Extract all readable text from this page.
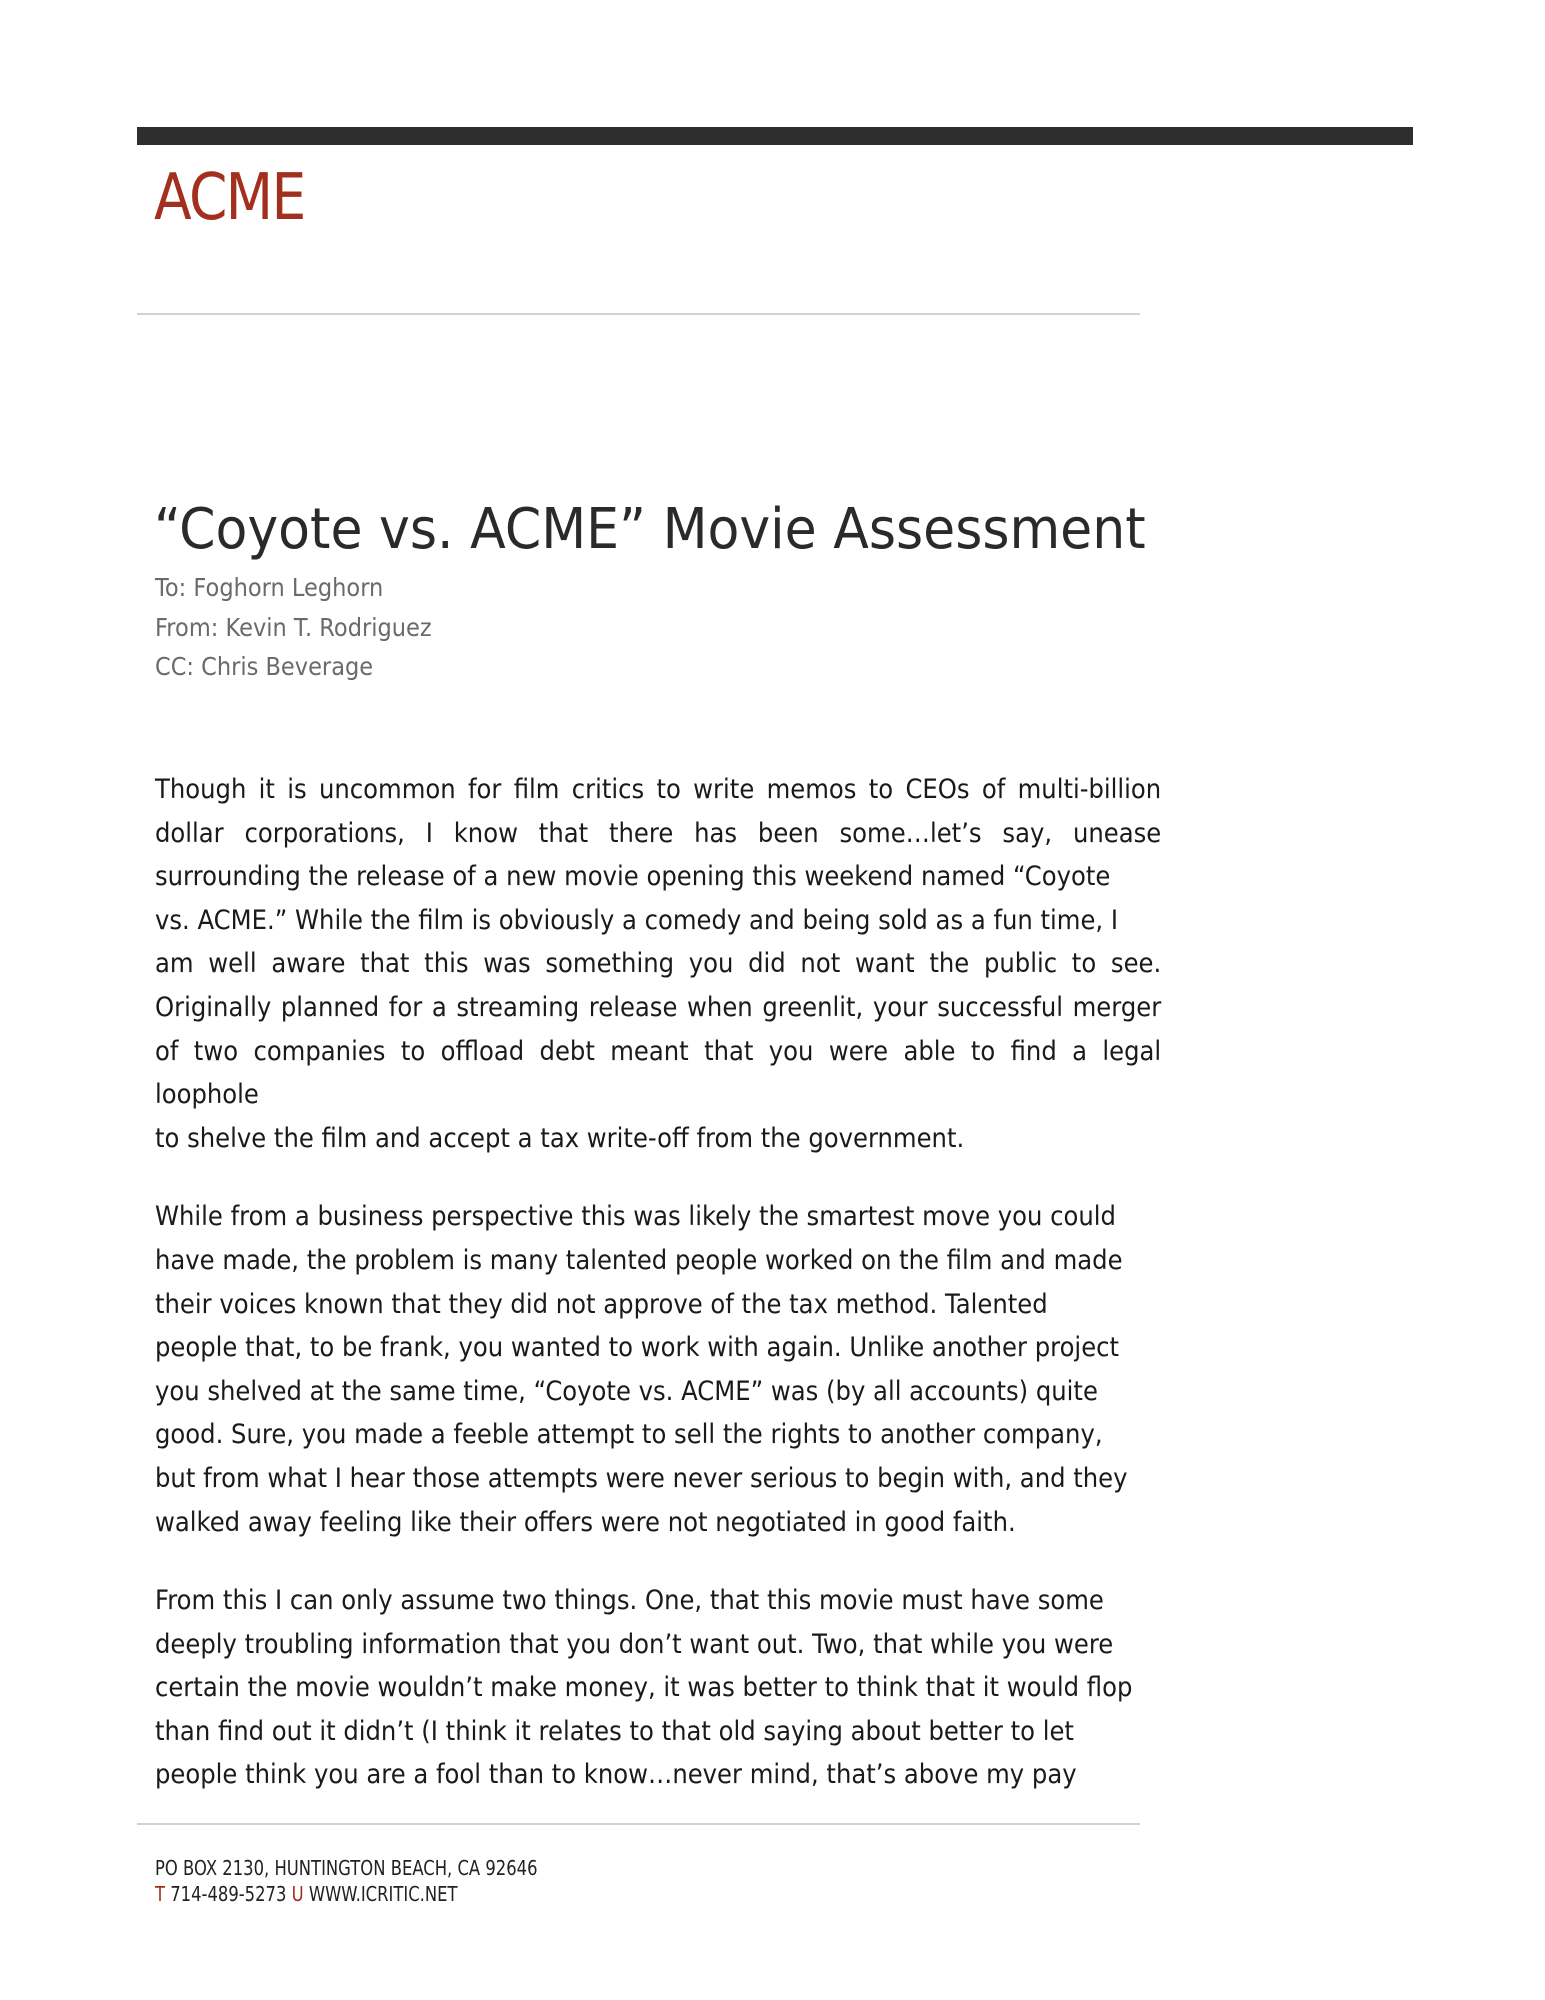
ACME
“Coyote vs. ACME” Movie Assessment
To: Foghorn Leghorn
From: Kevin T. Rodriguez
CC: Chris Beverage
Though it is uncommon for film critics to write memos to CEOs of multi-billion
dollar corporations, I know that there has been some…let’s say, unease
surrounding the release of a new movie opening this weekend named “Coyote
vs. ACME.” While the film is obviously a comedy and being sold as a fun time, I
am well aware that this was something you did not want the public to see.
Originally planned for a streaming release when greenlit, your successful merger
of two companies to offload debt meant that you were able to find a legal loophole
to shelve the film and accept a tax write-off from the government.
While from a business perspective this was likely the smartest move you could
have made, the problem is many talented people worked on the film and made
their voices known that they did not approve of the tax method. Talented
people that, to be frank, you wanted to work with again. Unlike another project
you shelved at the same time, “Coyote vs. ACME” was (by all accounts) quite
good. Sure, you made a feeble attempt to sell the rights to another company,
but from what I hear those attempts were never serious to begin with, and they
walked away feeling like their offers were not negotiated in good faith.
From this I can only assume two things. One, that this movie must have some
deeply troubling information that you don’t want out. Two, that while you were
certain the movie wouldn’t make money, it was better to think that it would flop
than find out it didn’t (I think it relates to that old saying about better to let
people think you are a fool than to know…never mind, that’s above my pay
PO BOX 2130, HUNTINGTON BEACH, CA 92646
T 714-489-5273 U WWW.ICRITIC.NET
